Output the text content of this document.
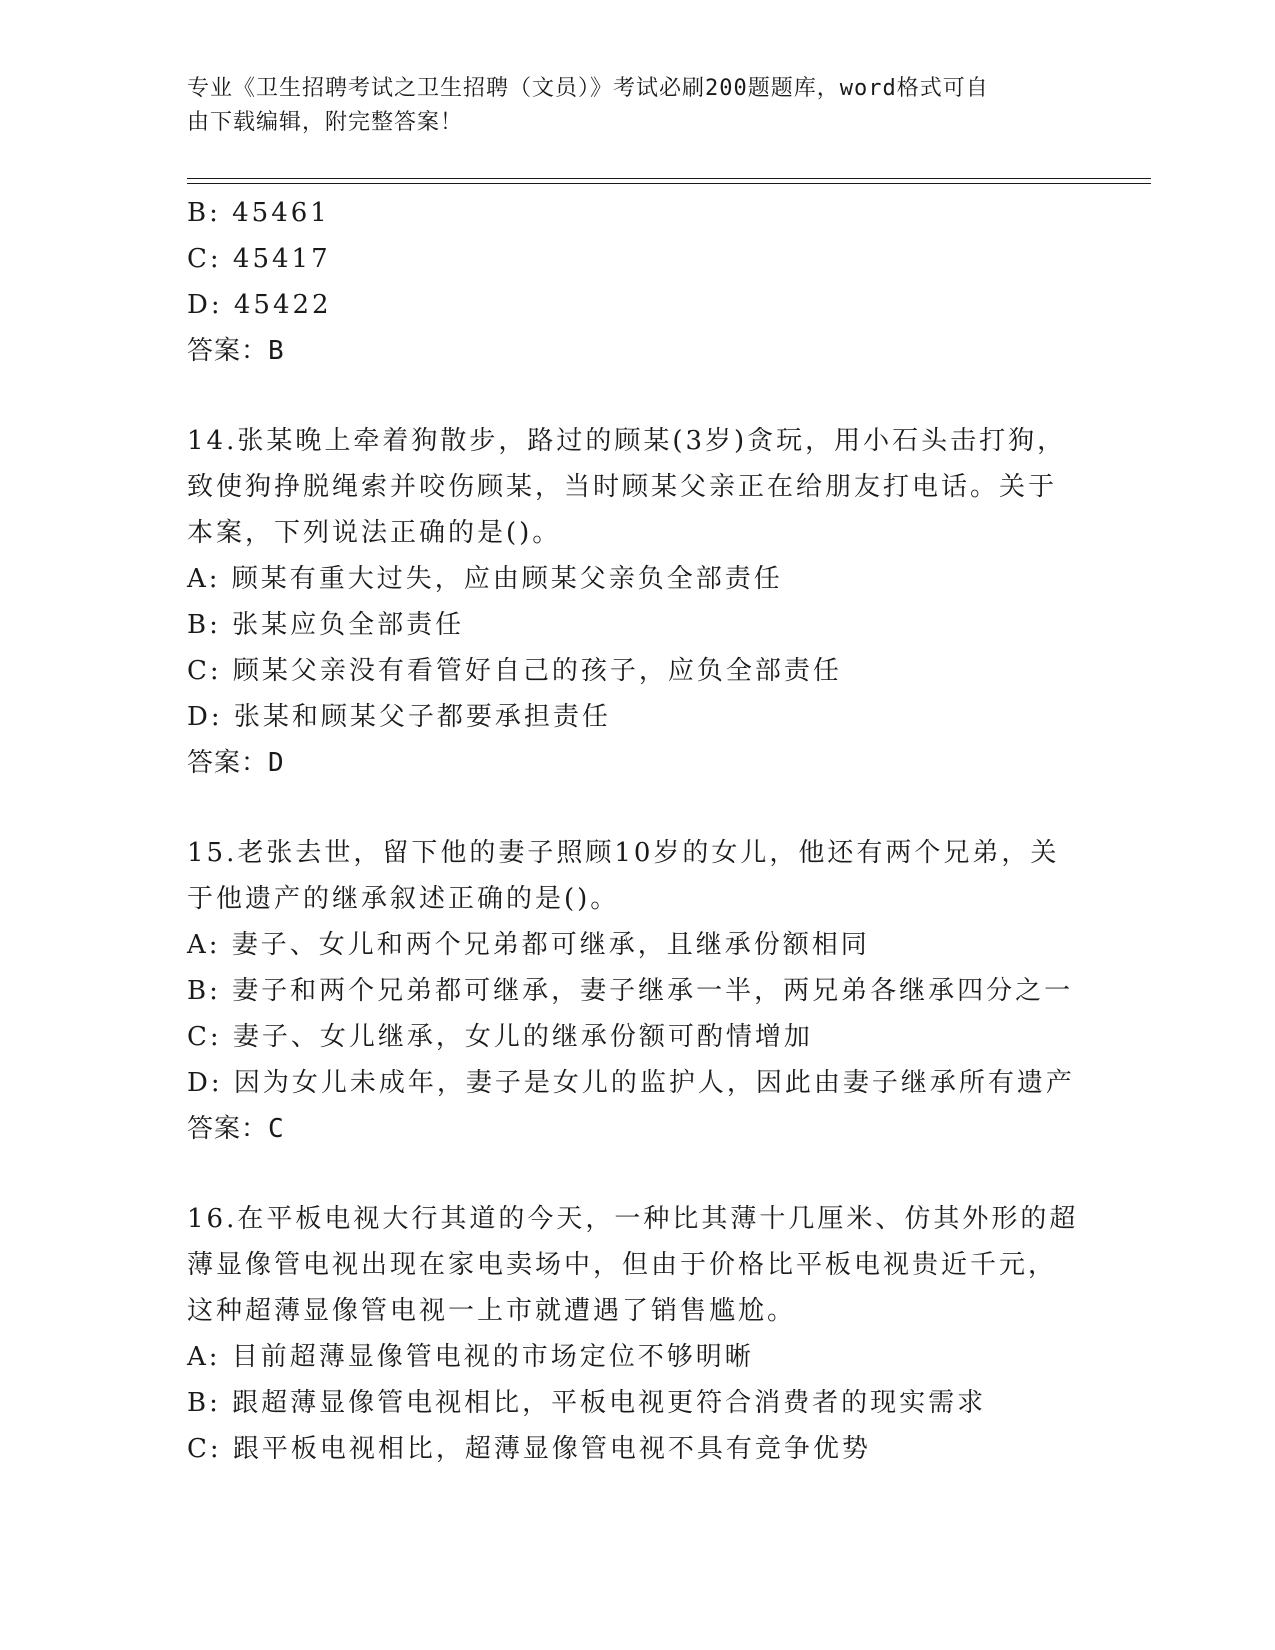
专业《卫生招聘考试之卫生招聘（文员）》考试必刷200题题库，word格式可自
由下载编辑，附完整答案！
B: 45461
C: 45417
D: 45422
答案：B
14.张某晚上牵着狗散步，路过的顾某(3岁)贪玩，用小石头击打狗，
致使狗挣脱绳索并咬伤顾某，当时顾某父亲正在给朋友打电话。关于
本案，下列说法正确的是()。
A: 顾某有重大过失，应由顾某父亲负全部责任
B: 张某应负全部责任
C: 顾某父亲没有看管好自己的孩子，应负全部责任
D: 张某和顾某父子都要承担责任
答案：D
15.老张去世，留下他的妻子照顾10岁的女儿，他还有两个兄弟，关
于他遗产的继承叙述正确的是()。
A: 妻子、女儿和两个兄弟都可继承，且继承份额相同
B: 妻子和两个兄弟都可继承，妻子继承一半，两兄弟各继承四分之一
C: 妻子、女儿继承，女儿的继承份额可酌情增加
D: 因为女儿未成年，妻子是女儿的监护人，因此由妻子继承所有遗产
答案：C
16.在平板电视大行其道的今天，一种比其薄十几厘米、仿其外形的超
薄显像管电视出现在家电卖场中，但由于价格比平板电视贵近千元，
这种超薄显像管电视一上市就遭遇了销售尴尬。
A: 目前超薄显像管电视的市场定位不够明晰
B: 跟超薄显像管电视相比，平板电视更符合消费者的现实需求
C: 跟平板电视相比，超薄显像管电视不具有竞争优势
